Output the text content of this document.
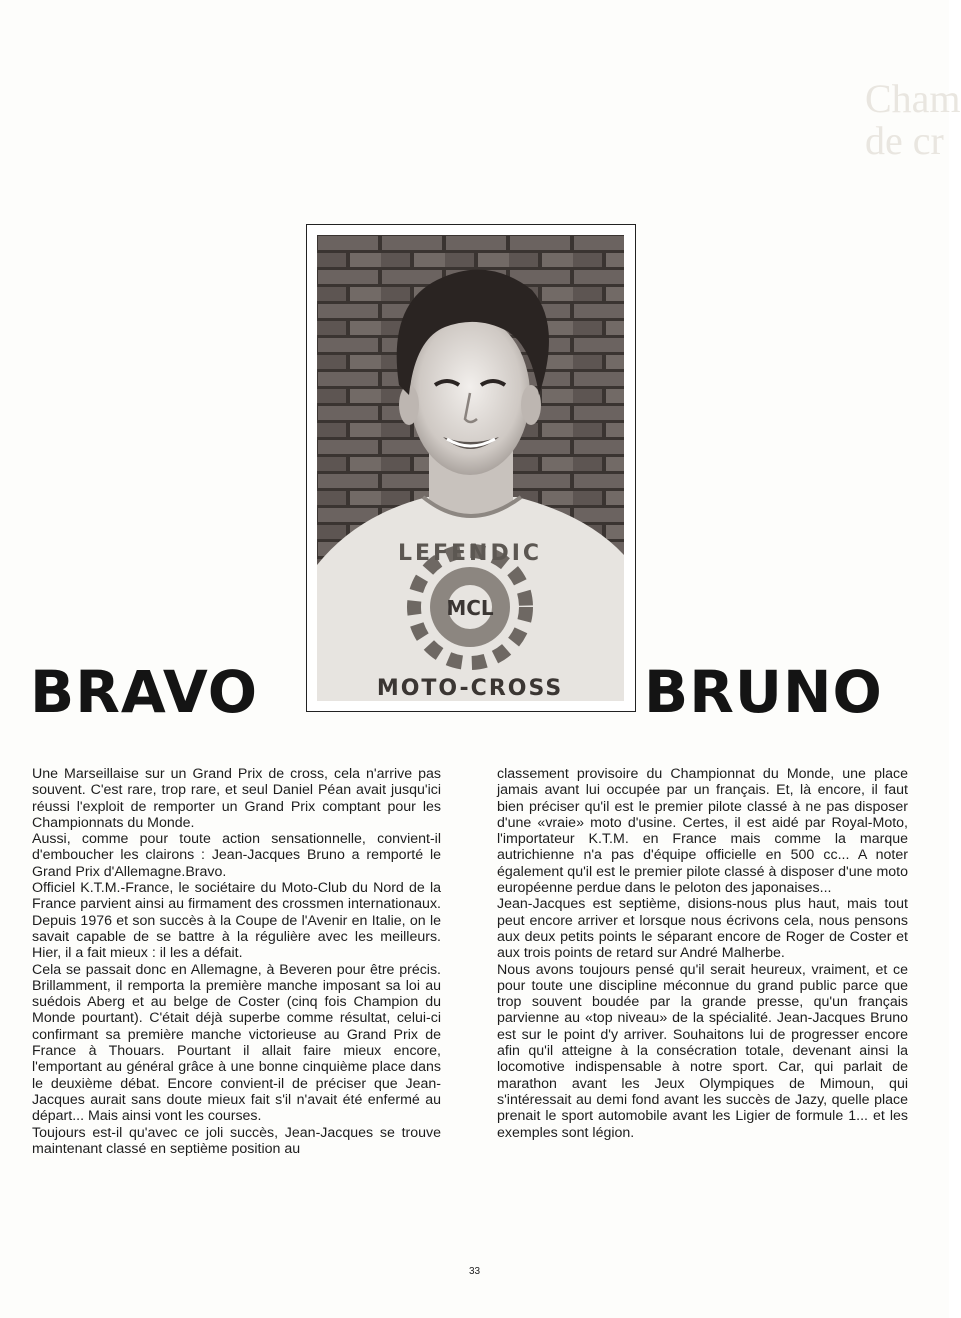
Cham
de cr
LEFENDIC
MCL
MOTO-CROSS
BRAVO	BRUNO

Une Marseillaise sur un Grand Prix de cross, cela n'arrive pas souvent. C'est rare, trop rare, et seul Daniel Péan avait jusqu'ici réussi l'exploit de remporter un Grand Prix comptant pour les Championnats du Monde.

Aussi, comme pour toute action sensationnelle, convient-il d'emboucher les clairons : Jean-Jacques Bruno a remporté le Grand Prix d'Allemagne.Bravo.

Officiel K.T.M.-France, le sociétaire du Moto-Club du Nord de la France parvient ainsi au firmament des crossmen internationaux. Depuis 1976 et son succès à la Coupe de l'Avenir en Italie, on le savait capable de se battre à la régulière avec les meilleurs. Hier, il a fait mieux : il les a défait.

Cela se passait donc en Allemagne, à Beveren pour être précis. Brillamment, il remporta la première manche imposant sa loi au suédois Aberg et au belge de Coster (cinq fois Champion du Monde pourtant). C'était déjà superbe comme résultat, celui-ci confirmant sa première manche victorieuse au Grand Prix de France à Thouars. Pourtant il allait faire mieux encore, l'emportant au général grâce à une bonne cinquième place dans le deuxième débat. Encore convient-il de préciser que Jean-Jacques aurait sans doute mieux fait s'il n'avait été enfermé au départ... Mais ainsi vont les courses.

Toujours est-il qu'avec ce joli succès, Jean-Jacques se trouve maintenant classé en septième position au

classement provisoire du Championnat du Monde, une place jamais avant lui occupée par un français. Et, là encore, il faut bien préciser qu'il est le premier pilote classé à ne pas disposer d'une «vraie» moto d'usine. Certes, il est aidé par Royal-Moto, l'importateur K.T.M. en France mais comme la marque autrichienne n'a pas d'équipe officielle en 500 cc... A noter également qu'il est le premier pilote classé à disposer d'une moto européenne perdue dans le peloton des japonaises...

Jean-Jacques est septième, disions-nous plus haut, mais tout peut encore arriver et lorsque nous écrivons cela, nous pensons aux deux petits points le séparant encore de Roger de Coster et aux trois points de retard sur André Malherbe.

Nous avons toujours pensé qu'il serait heureux, vraiment, et ce pour toute une discipline méconnue du grand public parce que trop souvent boudée par la grande presse, qu'un français parvienne au «top niveau» de la spécialité. Jean-Jacques Bruno est sur le point d'y arriver. Souhaitons lui de progresser encore afin qu'il atteigne à la consécration totale, devenant ainsi la locomotive indispensable à notre sport. Car, qui parlait de marathon avant les Jeux Olympiques de Mimoun, qui s'intéressait au demi fond avant les succès de Jazy, quelle place prenait le sport automobile avant les Ligier de formule 1... et les exemples sont légion.

33
